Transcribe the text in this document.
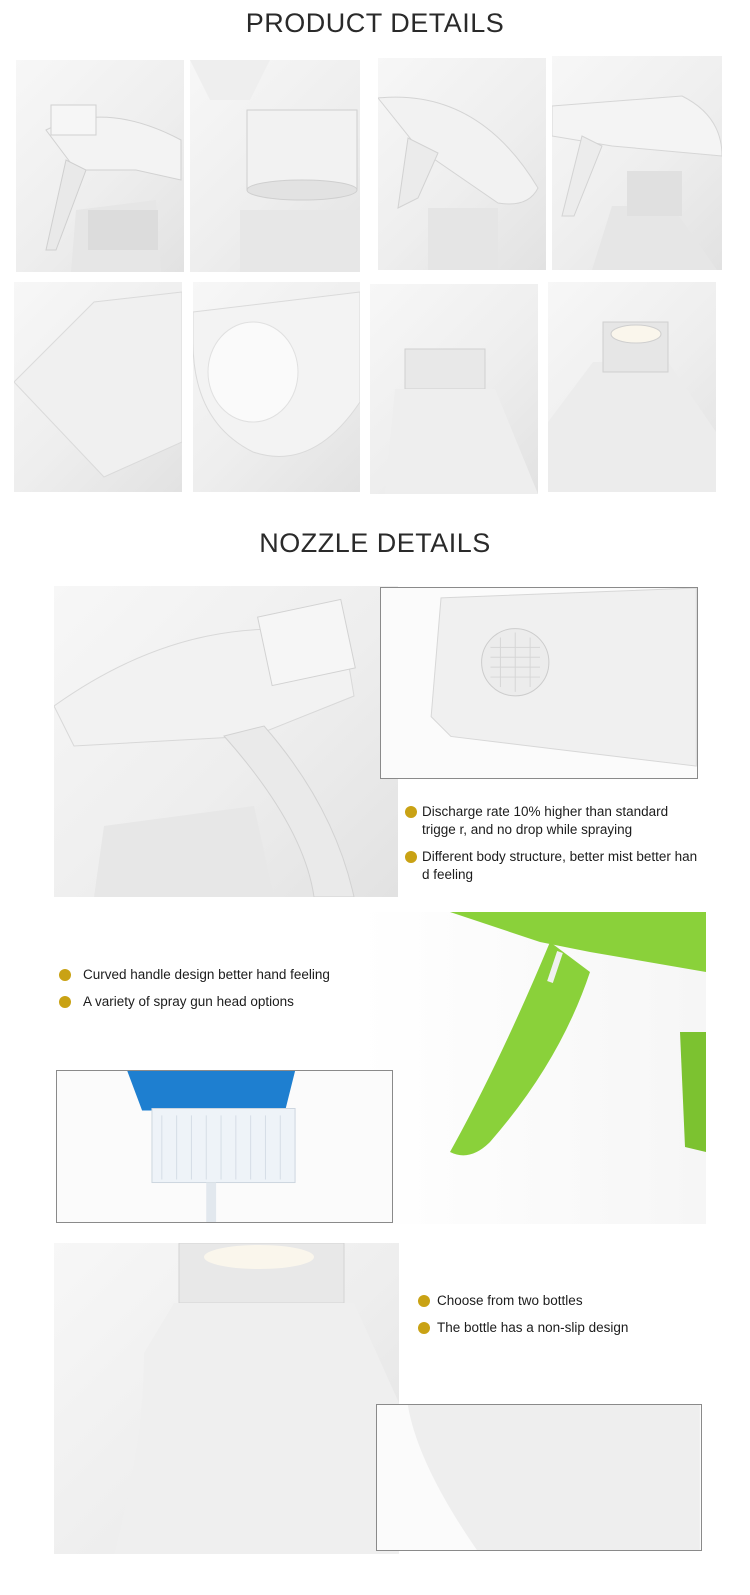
PRODUCT DETAILS
NOZZLE DETAILS
Discharge rate 10% higher than standard trigge r, and no drop while spraying
Different body structure, better mist better han d feeling
Curved handle design better hand feeling
A variety of spray gun head options
Choose from two bottles
The bottle has a non-slip design
